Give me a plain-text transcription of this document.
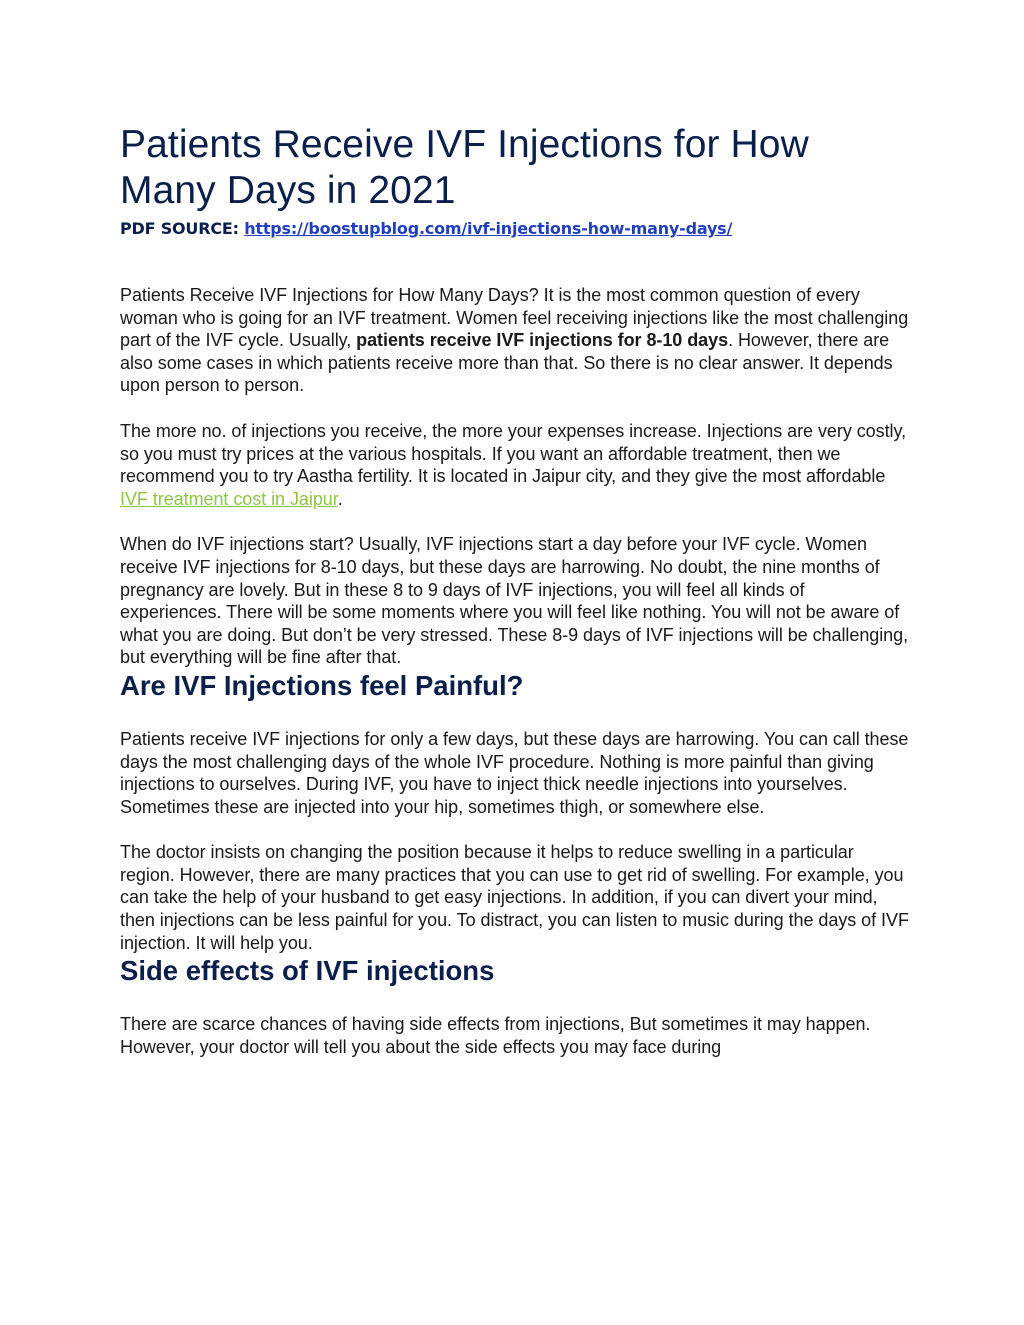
Patients Receive IVF Injections for How Many Days in 2021
PDF SOURCE: https://boostupblog.com/ivf-injections-how-many-days/

Patients Receive IVF Injections for How Many Days? It is the most common question of every woman who is going for an IVF treatment. Women feel receiving injections like the most challenging part of the IVF cycle. Usually, patients receive IVF injections for 8-10 days. However, there are also some cases in which patients receive more than that. So there is no clear answer. It depends upon person to person.

The more no. of injections you receive, the more your expenses increase. Injections are very costly, so you must try prices at the various hospitals. If you want an affordable treatment, then we recommend you to try Aastha fertility. It is located in Jaipur city, and they give the most affordable IVF treatment cost in Jaipur.

When do IVF injections start? Usually, IVF injections start a day before your IVF cycle. Women receive IVF injections for 8-10 days, but these days are harrowing. No doubt, the nine months of pregnancy are lovely. But in these 8 to 9 days of IVF injections, you will feel all kinds of experiences. There will be some moments where you will feel like nothing. You will not be aware of what you are doing. But don’t be very stressed. These 8-9 days of IVF injections will be challenging, but everything will be fine after that.

Are IVF Injections feel Painful?

Patients receive IVF injections for only a few days, but these days are harrowing. You can call these days the most challenging days of the whole IVF procedure. Nothing is more painful than giving injections to ourselves. During IVF, you have to inject thick needle injections into yourselves. Sometimes these are injected into your hip, sometimes thigh, or somewhere else.

The doctor insists on changing the position because it helps to reduce swelling in a particular region. However, there are many practices that you can use to get rid of swelling. For example, you can take the help of your husband to get easy injections. In addition, if you can divert your mind, then injections can be less painful for you. To distract, you can listen to music during the days of IVF injection. It will help you.

Side effects of IVF injections

There are scarce chances of having side effects from injections, But sometimes it may happen. However, your doctor will tell you about the side effects you may face during
